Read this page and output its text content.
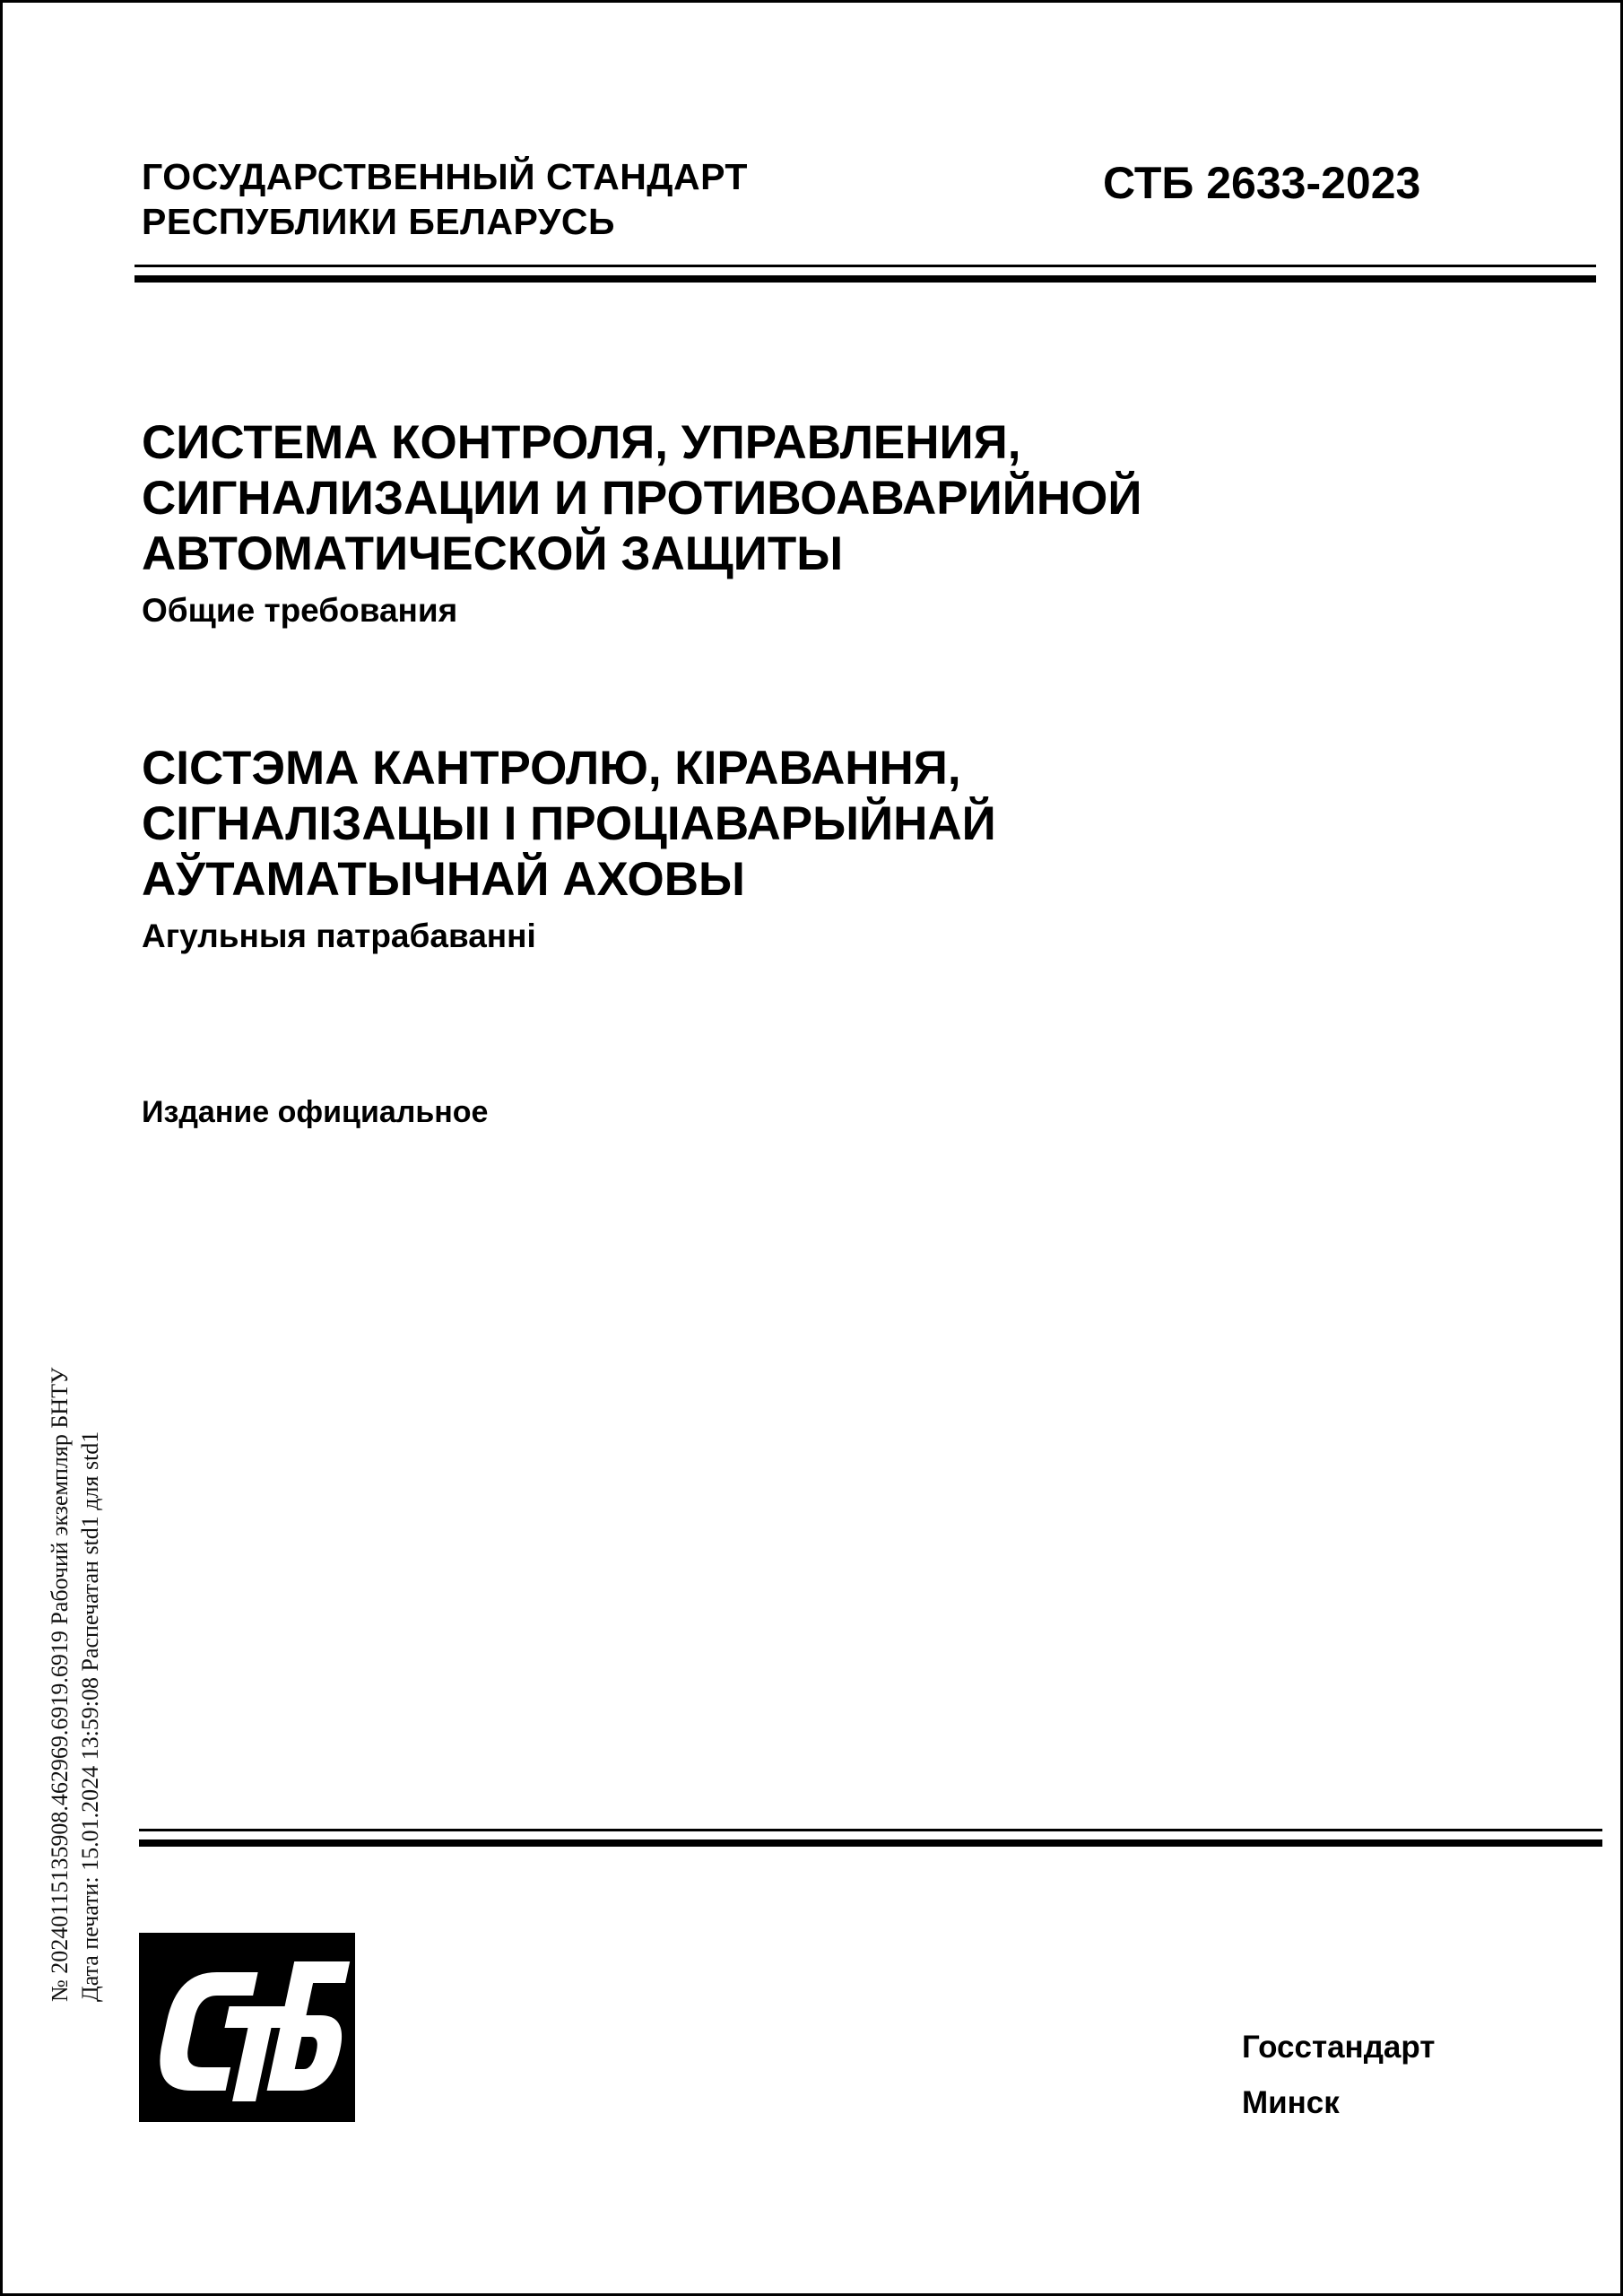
ГОСУДАРСТВЕННЫЙ СТАНДАРТ
РЕСПУБЛИКИ БЕЛАРУСЬ
СТБ 2633-2023
СИСТЕМА КОНТРОЛЯ, УПРАВЛЕНИЯ,
СИГНАЛИЗАЦИИ И ПРОТИВОАВАРИЙНОЙ
АВТОМАТИЧЕСКОЙ ЗАЩИТЫ
Общие требования
СІСТЭМА КАНТРОЛЮ, КІРАВАННЯ,
СІГНАЛІЗАЦЫІ І ПРОЦІАВАРЫЙНАЙ
АЎТАМАТЫЧНАЙ АХОВЫ
Агульныя патрабаванні
Издание официальное
№ 20240115135908.462969.6919.6919 Рабочий экземпляр БНТУ Дата печати: 15.01.2024 13:59:08 Распечатан std1 для std1
Госстандарт
Минск
